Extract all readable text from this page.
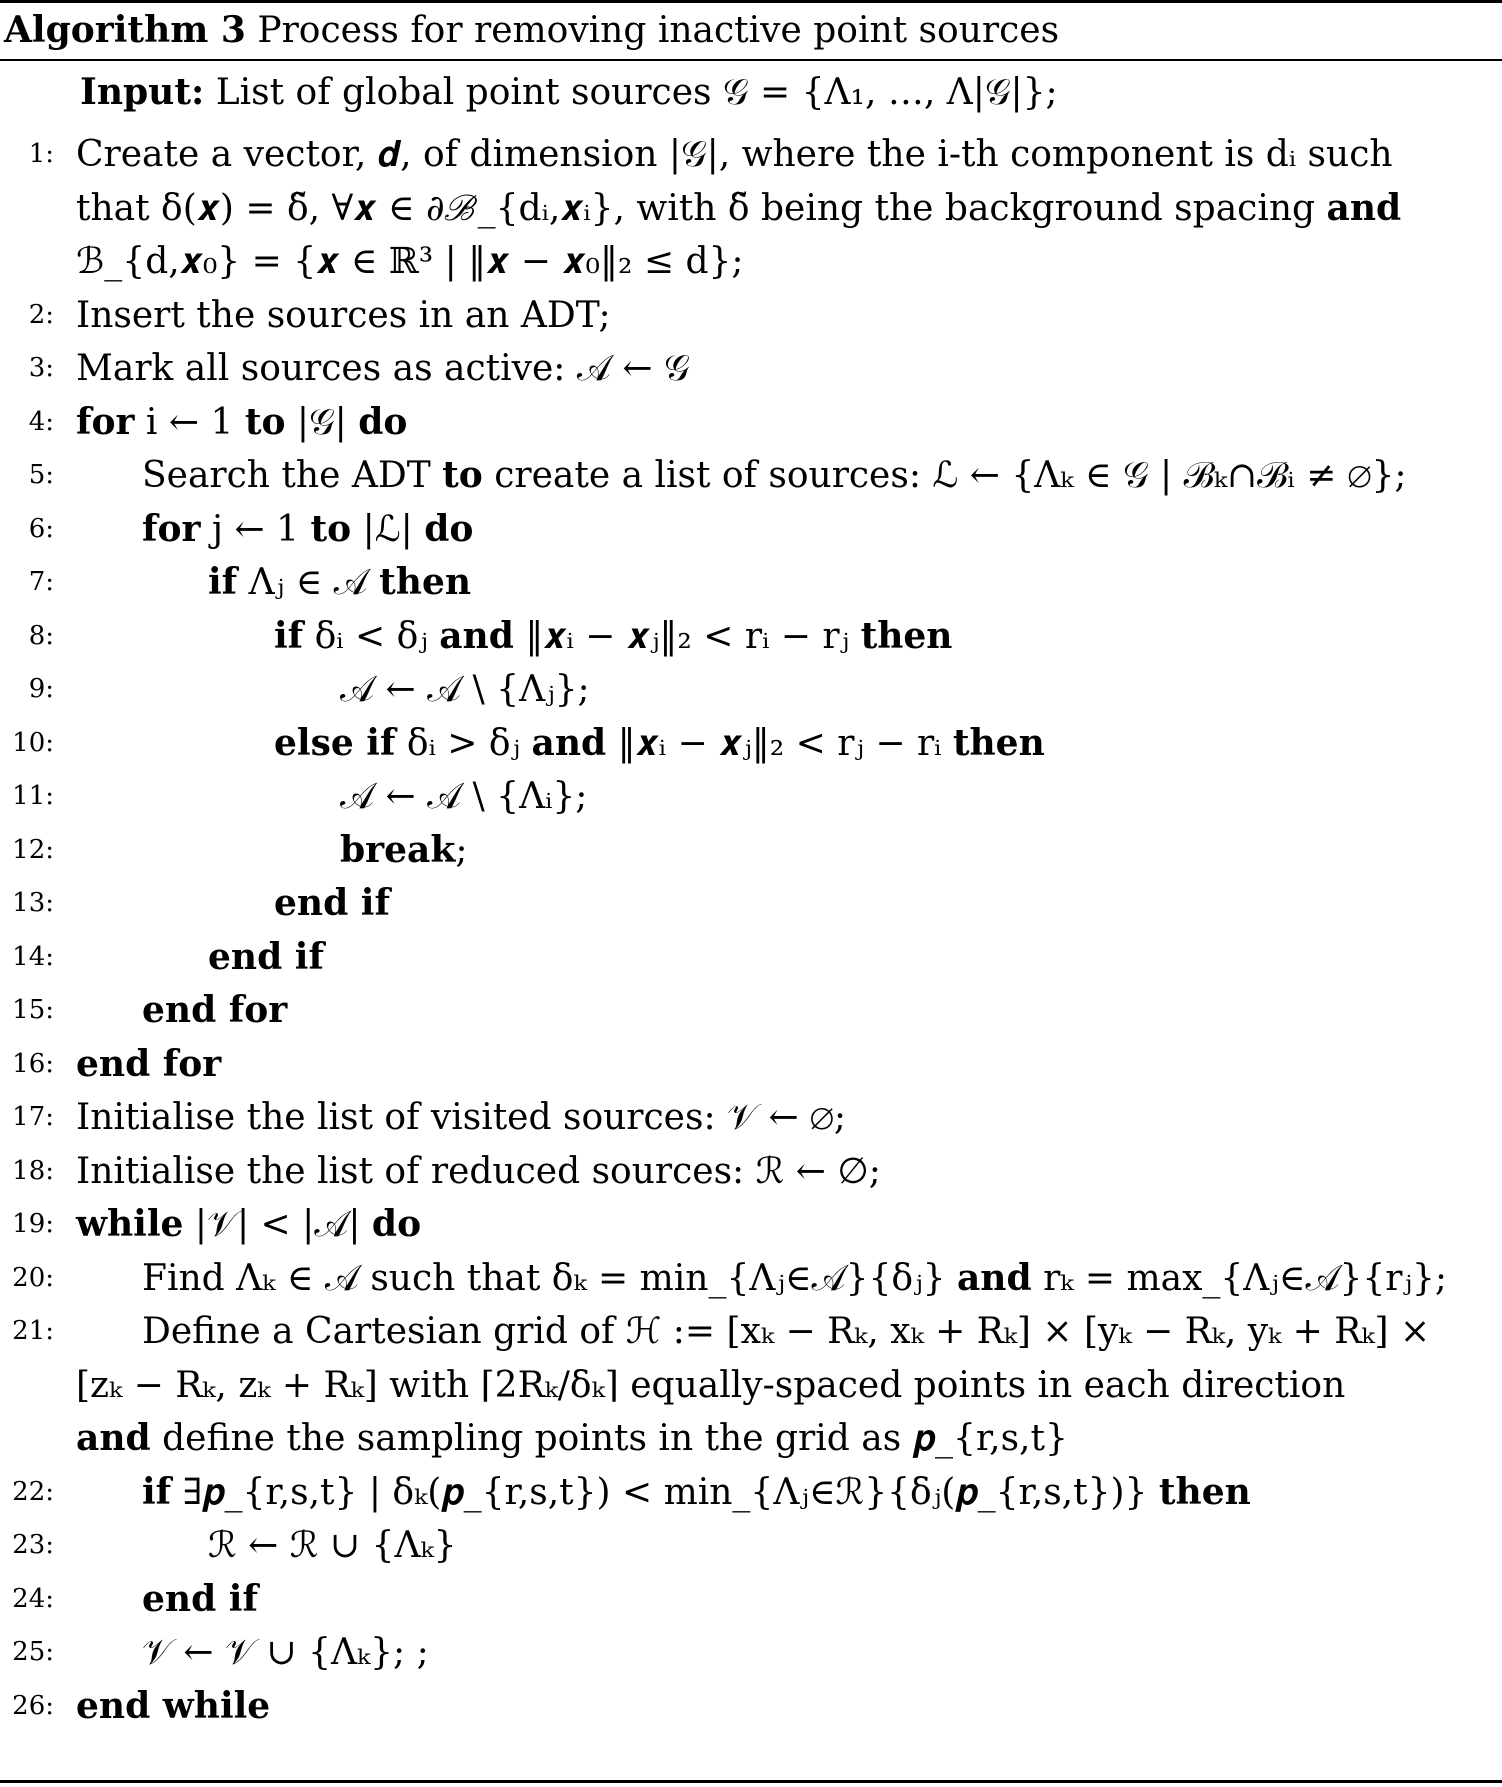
Algorithm 3 Process for removing inactive point sources
Input: List of global point sources 𝒢 = {Λ₁, …, Λ|𝒢|};
1: Create a vector, 𝒅, of dimension |𝒢|, where the i-th component is dᵢ such
that δ(𝒙) = δ̃, ∀𝒙 ∈ ∂ℬ_{dᵢ,𝒙ᵢ}, with δ̃ being the background spacing and
ℬ_{d,𝒙₀} = {𝒙 ∈ ℝ³ | ‖𝒙 − 𝒙₀‖₂ ≤ d};
2: Insert the sources in an ADT;
3: Mark all sources as active: 𝒜 ← 𝒢
4: for i ← 1 to |𝒢| do
5: Search the ADT to create a list of sources: ℒ ← {Λₖ ∈ 𝒢 | ℬₖ∩ℬᵢ ≠ ∅};
6: for j ← 1 to |ℒ| do
7:	if Λⱼ ∈ 𝒜 then
8:	if δᵢ < δⱼ and ‖𝒙ᵢ − 𝒙ⱼ‖₂ < rᵢ − rⱼ then
9:	𝒜 ← 𝒜 \ {Λⱼ};
10:	else if δᵢ > δⱼ and ‖𝒙ᵢ − 𝒙ⱼ‖₂ < rⱼ − rᵢ then
11:	𝒜 ← 𝒜 \ {Λᵢ};
12:	break;
13:	end if
14:	end if
15: end for
16: end for
17: Initialise the list of visited sources: 𝒱 ← ∅;
18: Initialise the list of reduced sources: ℛ ← ∅;
19: while |𝒱| < |𝒜| do
20: Find Λₖ ∈ 𝒜 such that δₖ = min_{Λⱼ∈𝒜}{δⱼ} and rₖ = max_{Λⱼ∈𝒜}{rⱼ};
21: Define a Cartesian grid of ℋ := [xₖ − Rₖ, xₖ + Rₖ] × [yₖ − Rₖ, yₖ + Rₖ] ×
[zₖ − Rₖ, zₖ + Rₖ] with ⌈2Rₖ/δₖ⌉ equally-spaced points in each direction
and define the sampling points in the grid as 𝒑_{r,s,t}
22: if ∃𝒑_{r,s,t} | δₖ(𝒑_{r,s,t}) < min_{Λⱼ∈ℛ}{δⱼ(𝒑_{r,s,t})} then
23:	ℛ ← ℛ ∪ {Λₖ}
24: end if
25: 𝒱 ← 𝒱 ∪ {Λₖ}; ;
26: end while
